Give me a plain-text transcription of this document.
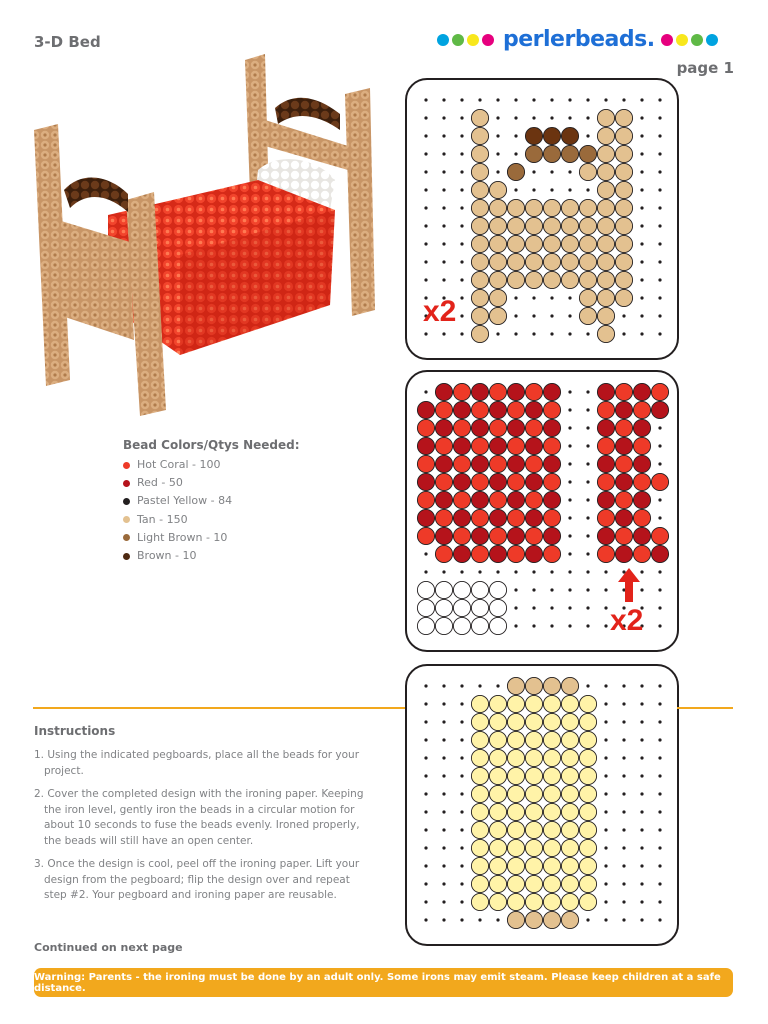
3-D Bed	perlerbeads.
page 1
x2
x2
Bead Colors/Qtys Needed:
Hot Coral - 100
Red - 50
Pastel Yellow - 84
Tan - 150
Light Brown - 10
Brown - 10
Instructions
1. Using the indicated pegboards, place all the beads for your project.
2. Cover the completed design with the ironing paper. Keeping the iron level, gently iron the beads in a circular motion for about 10 seconds to fuse the beads evenly. Ironed properly, the beads will still have an open center.
3. Once the design is cool, peel off the ironing paper. Lift your design from the pegboard; flip the design over and repeat step #2. Your pegboard and ironing paper are reusable.
Continued on next page
Warning: Parents - the ironing must be done by an adult only. Some irons may emit steam. Please keep children at a safe distance.
